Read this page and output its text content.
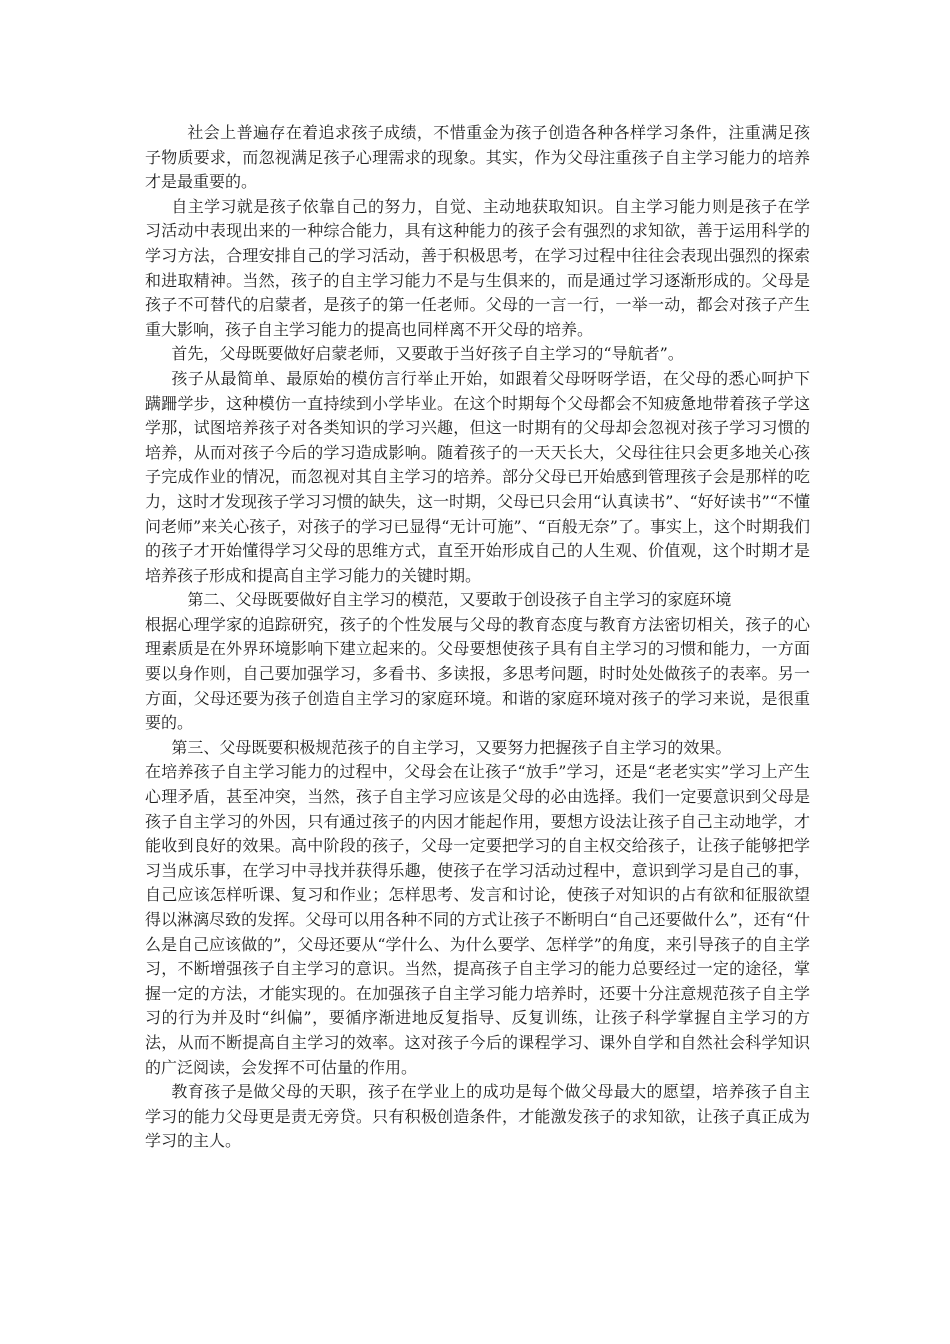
社会上普遍存在着追求孩子成绩，不惜重金为孩子创造各种各样学习条件，注重满足孩子物质要求，而忽视满足孩子心理需求的现象。其实，作为父母注重孩子自主学习能力的培养才是最重要的。

自主学习就是孩子依靠自己的努力，自觉、主动地获取知识。自主学习能力则是孩子在学习活动中表现出来的一种综合能力，具有这种能力的孩子会有强烈的求知欲，善于运用科学的学习方法，合理安排自己的学习活动，善于积极思考，在学习过程中往往会表现出强烈的探索和进取精神。当然，孩子的自主学习能力不是与生俱来的，而是通过学习逐渐形成的。父母是孩子不可替代的启蒙者，是孩子的第一任老师。父母的一言一行，一举一动，都会对孩子产生重大影响，孩子自主学习能力的提高也同样离不开父母的培养。

首先，父母既要做好启蒙老师，又要敢于当好孩子自主学习的“导航者”。

孩子从最简单、最原始的模仿言行举止开始，如跟着父母呀呀学语，在父母的悉心呵护下蹒跚学步，这种模仿一直持续到小学毕业。在这个时期每个父母都会不知疲惫地带着孩子学这学那，试图培养孩子对各类知识的学习兴趣，但这一时期有的父母却会忽视对孩子学习习惯的培养，从而对孩子今后的学习造成影响。随着孩子的一天天长大，父母往往只会更多地关心孩子完成作业的情况，而忽视对其自主学习的培养。部分父母已开始感到管理孩子会是那样的吃力，这时才发现孩子学习习惯的缺失，这一时期，父母已只会用“认真读书”、“好好读书”“不懂问老师”来关心孩子，对孩子的学习已显得“无计可施”、“百般无奈”了。事实上，这个时期我们的孩子才开始懂得学习父母的思维方式，直至开始形成自己的人生观、价值观，这个时期才是培养孩子形成和提高自主学习能力的关键时期。

第二、父母既要做好自主学习的模范，又要敢于创设孩子自主学习的家庭环境

根据心理学家的追踪研究，孩子的个性发展与父母的教育态度与教育方法密切相关，孩子的心理素质是在外界环境影响下建立起来的。父母要想使孩子具有自主学习的习惯和能力，一方面要以身作则，自己要加强学习，多看书、多读报，多思考问题，时时处处做孩子的表率。另一方面，父母还要为孩子创造自主学习的家庭环境。和谐的家庭环境对孩子的学习来说，是很重要的。

第三、父母既要积极规范孩子的自主学习，又要努力把握孩子自主学习的效果。

在培养孩子自主学习能力的过程中，父母会在让孩子“放手”学习，还是“老老实实”学习上产生心理矛盾，甚至冲突，当然，孩子自主学习应该是父母的必由选择。我们一定要意识到父母是孩子自主学习的外因，只有通过孩子的内因才能起作用，要想方设法让孩子自己主动地学，才能收到良好的效果。高中阶段的孩子，父母一定要把学习的自主权交给孩子，让孩子能够把学习当成乐事，在学习中寻找并获得乐趣，使孩子在学习活动过程中，意识到学习是自己的事，自己应该怎样听课、复习和作业；怎样思考、发言和讨论，使孩子对知识的占有欲和征服欲望得以淋漓尽致的发挥。父母可以用各种不同的方式让孩子不断明白“自己还要做什么”，还有“什么是自己应该做的”，父母还要从“学什么、为什么要学、怎样学”的角度，来引导孩子的自主学习，不断增强孩子自主学习的意识。当然，提高孩子自主学习的能力总要经过一定的途径，掌握一定的方法，才能实现的。在加强孩子自主学习能力培养时，还要十分注意规范孩子自主学习的行为并及时“纠偏”，要循序渐进地反复指导、反复训练，让孩子科学掌握自主学习的方法，从而不断提高自主学习的效率。这对孩子今后的课程学习、课外自学和自然社会科学知识的广泛阅读，会发挥不可估量的作用。

教育孩子是做父母的天职，孩子在学业上的成功是每个做父母最大的愿望，培养孩子自主学习的能力父母更是责无旁贷。只有积极创造条件，才能激发孩子的求知欲，让孩子真正成为学习的主人。
